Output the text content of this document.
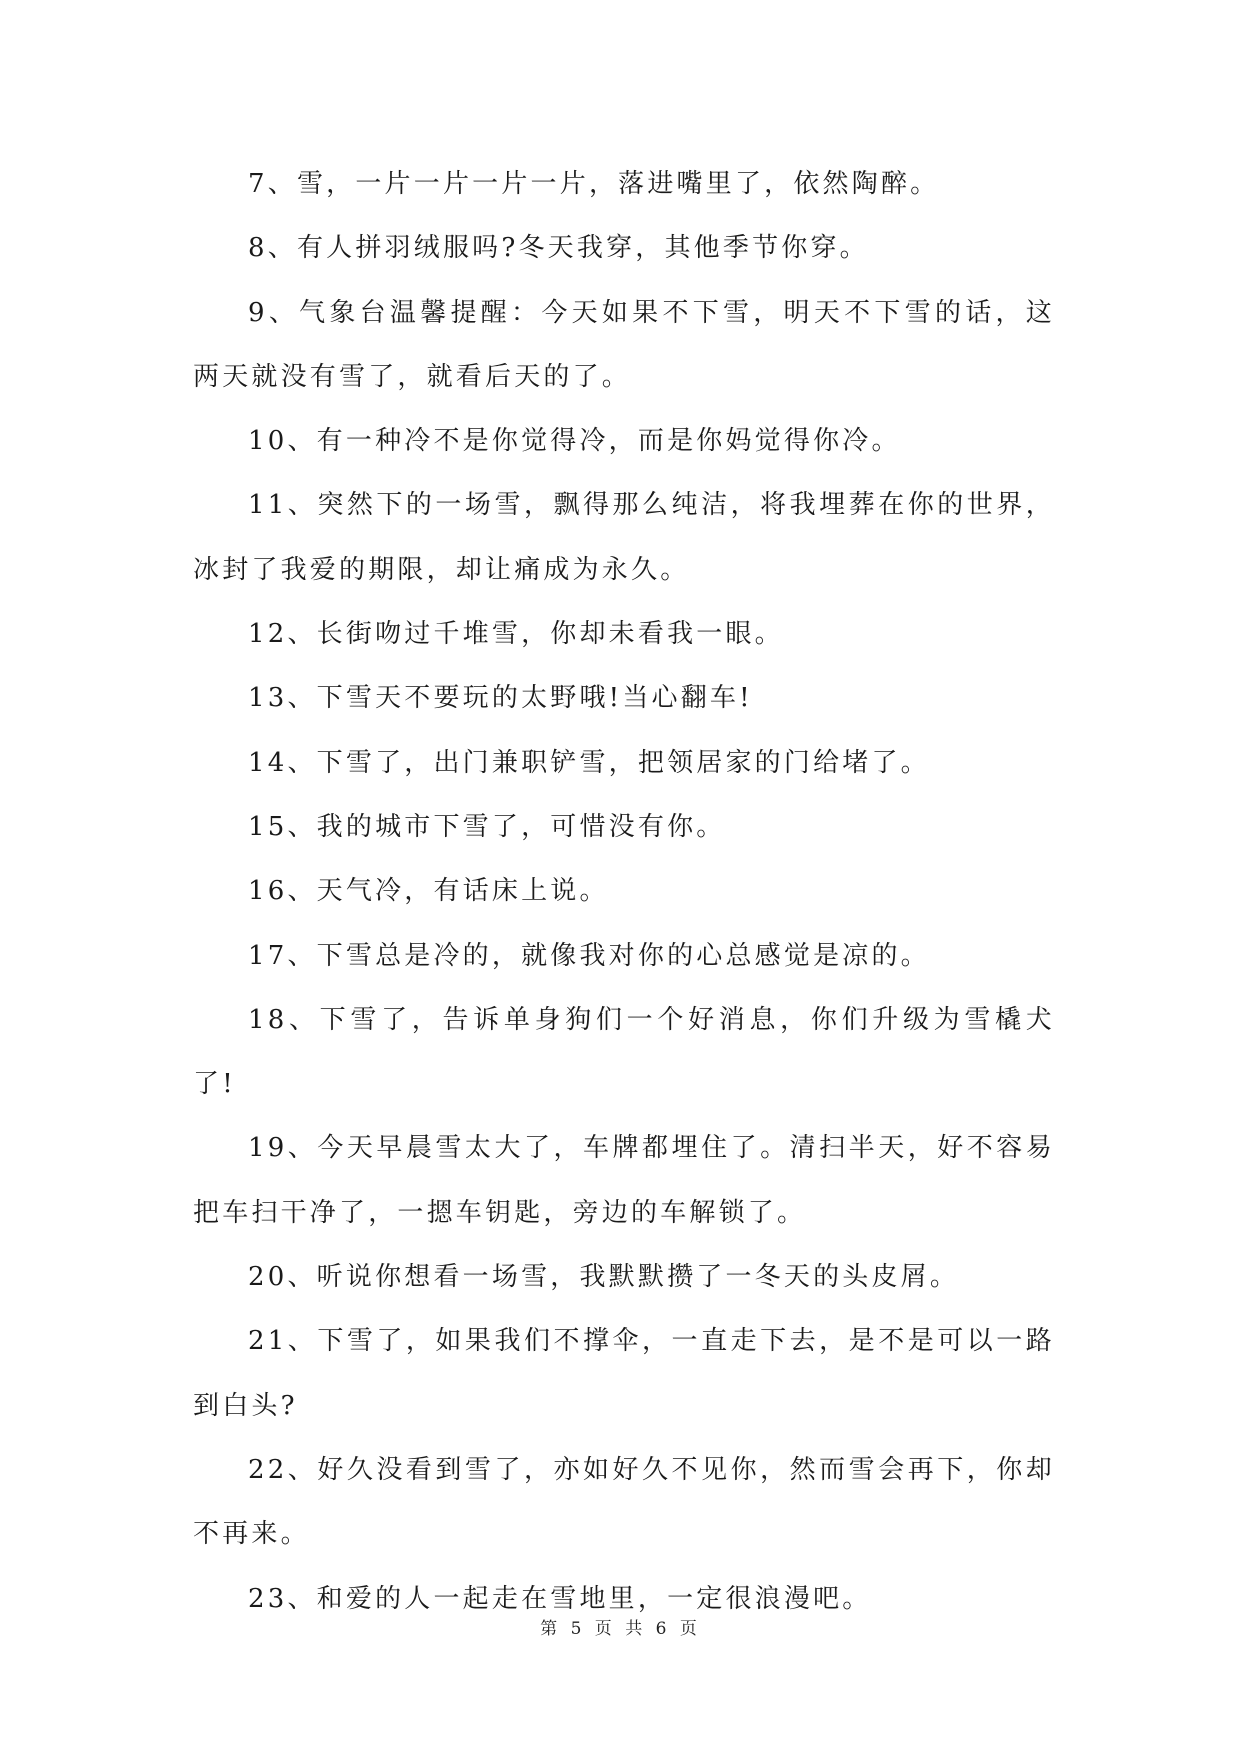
7、雪，一片一片一片一片，落进嘴里了，依然陶醉。

8、有人拼羽绒服吗?冬天我穿，其他季节你穿。

9、气象台温馨提醒：今天如果不下雪，明天不下雪的话，这两天就没有雪了，就看后天的了。

10、有一种冷不是你觉得冷，而是你妈觉得你冷。

11、突然下的一场雪，飘得那么纯洁，将我埋葬在你的世界，冰封了我爱的期限，却让痛成为永久。

12、长街吻过千堆雪，你却未看我一眼。

13、下雪天不要玩的太野哦!当心翻车!

14、下雪了，出门兼职铲雪，把领居家的门给堵了。

15、我的城市下雪了，可惜没有你。

16、天气冷，有话床上说。

17、下雪总是冷的，就像我对你的心总感觉是凉的。

18、下雪了，告诉单身狗们一个好消息，你们升级为雪橇犬了!

19、今天早晨雪太大了，车牌都埋住了。清扫半天，好不容易把车扫干净了，一摁车钥匙，旁边的车解锁了。

20、听说你想看一场雪，我默默攒了一冬天的头皮屑。

21、下雪了，如果我们不撑伞，一直走下去，是不是可以一路到白头?

22、好久没看到雪了，亦如好久不见你，然而雪会再下，你却不再来。

23、和爱的人一起走在雪地里，一定很浪漫吧。

第 5 页 共 6 页
